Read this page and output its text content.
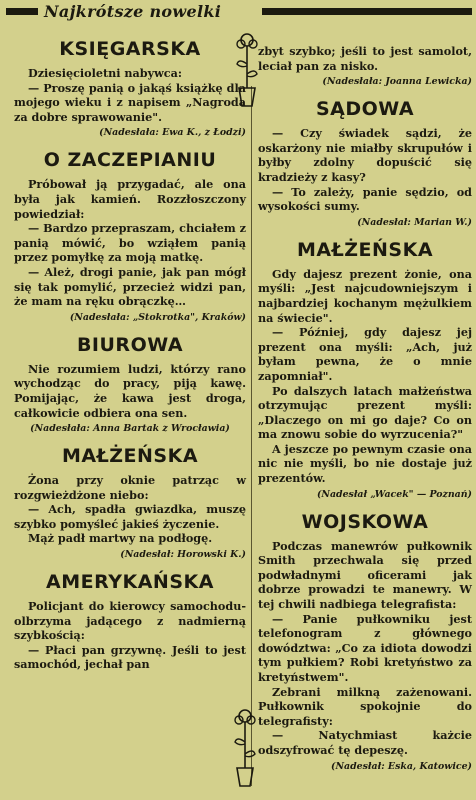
Najkrótsze nowelki
KSIĘGARSKA

Dziesięcioletni nabywca:

— Proszę panią o jakąś książkę dla mojego wieku i z napisem „Nagroda za dobre sprawowanie".

(Nadesłała: Ewa K., z Łodzi)
O ZACZEPIANIU

Próbował ją przygadać, ale ona była jak kamień. Rozzłoszczony powiedział:

— Bardzo przepraszam, chciałem z panią mówić, bo wziąłem panią przez pomyłkę za moją matkę.

— Ależ, drogi panie, jak pan mógł się tak pomylić, przecież widzi pan, że mam na ręku obrączkę…

(Nadesłała: „Stokrotka", Kraków)
BIUROWA

Nie rozumiem ludzi, którzy rano wychodząc do pracy, piją kawę. Pomijając, że kawa jest droga, całkowicie odbiera ona sen.

(Nadesłała: Anna Bartak z Wrocławia)
MAŁŻEŃSKA

Żona przy oknie patrząc w rozgwieżdżone niebo:

— Ach, spadła gwiazdka, muszę szybko pomyśleć jakieś życzenie.

Mąż padł martwy na podłogę.

(Nadesłał: Horowski K.)
AMERYKAŃSKA

Policjant do kierowcy samochodu-olbrzyma jadącego z nadmierną szybkością:

— Płaci pan grzywnę. Jeśli to jest samochód, jechał pan

zbyt szybko; jeśli to jest samolot, leciał pan za nisko.

(Nadesłała: Joanna Lewicka)
SĄDOWA

— Czy świadek sądzi, że oskarżony nie miałby skrupułów i byłby zdolny dopuścić się kradzieży z kasy?

— To zależy, panie sędzio, od wysokości sumy.

(Nadesłał: Marian W.)
MAŁŻEŃSKA

Gdy dajesz prezent żonie, ona myśli: „Jest najcudowniejszym i najbardziej kochanym mężulkiem na świecie".

— Później, gdy dajesz jej prezent ona myśli: „Ach, już byłam pewna, że o mnie zapomniał".

Po dalszych latach małżeństwa otrzymując prezent myśli: „Dlaczego on mi go daje? Co on ma znowu sobie do wyrzucenia?"

A jeszcze po pewnym czasie ona nic nie myśli, bo nie dostaje już prezentów.

(Nadesłał „Wacek" — Poznań)
WOJSKOWA

Podczas manewrów pułkownik Smith przechwala się przed podwładnymi oficerami jak dobrze prowadzi te manewry. W tej chwili nadbiega telegrafista:

— Panie pułkowniku jest telefonogram z głównego dowództwa: „Co za idiota dowodzi tym pułkiem? Robi kretyństwo za kretyństwem".

Zebrani milkną zażenowani. Pułkownik spokojnie do telegrafisty:

— Natychmiast każcie odszyfrować tę depeszę.

(Nadesłał: Eska, Katowice)
